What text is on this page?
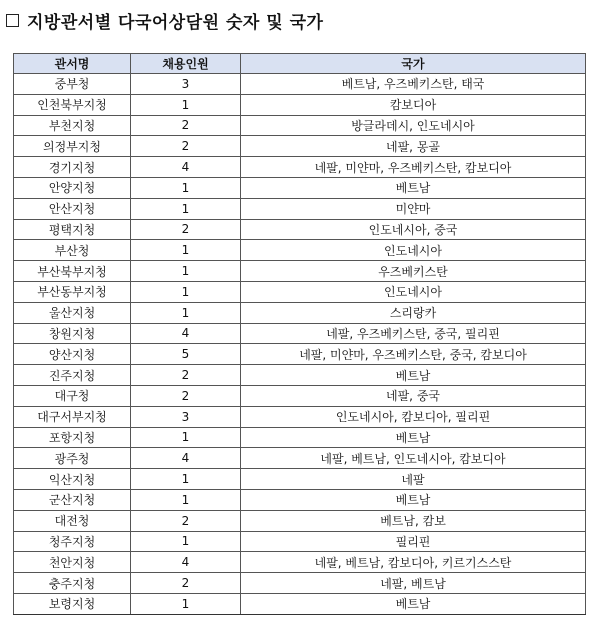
지방관서별 다국어상담원 숫자 및 국가
관서명	채용인원	국가
중부청	3	베트남, 우즈베키스탄, 태국
인천북부지청	1	캄보디아
부천지청	2	방글라데시, 인도네시아
의정부지청	2	네팔, 몽골
경기지청	4	네팔, 미얀마, 우즈베키스탄, 캄보디아
안양지청	1	베트남
안산지청	1	미얀마
평택지청	2	인도네시아, 중국
부산청	1	인도네시아
부산북부지청	1	우즈베키스탄
부산동부지청	1	인도네시아
울산지청	1	스리랑카
창원지청	4	네팔, 우즈베키스탄, 중국, 필리핀
양산지청	5	네팔, 미얀마, 우즈베키스탄, 중국, 캄보디아
진주지청	2	베트남
대구청	2	네팔, 중국
대구서부지청	3	인도네시아, 캄보디아, 필리핀
포항지청	1	베트남
광주청	4	네팔, 베트남, 인도네시아, 캄보디아
익산지청	1	네팔
군산지청	1	베트남
대전청	2	베트남, 캄보
청주지청	1	필리핀
천안지청	4	네팔, 베트남, 캄보디아, 키르기스스탄
충주지청	2	네팔, 베트남
보령지청	1	베트남
